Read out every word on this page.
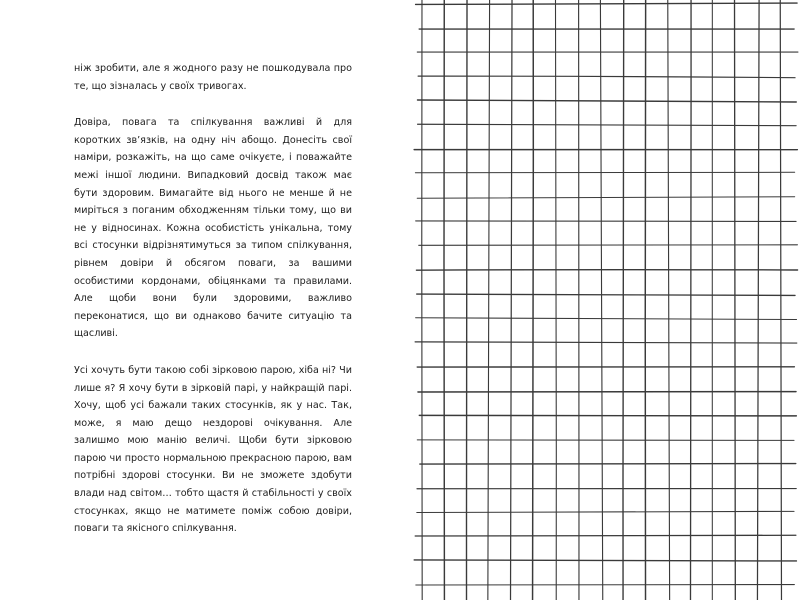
ніж зробити, але я жодного разу не пошкодувала про те, що зізналась у своїх тривогах.

Довіра, повага та спілкування важливі й для коротких зв’язків, на одну ніч абощо. Донесіть свої наміри, розкажіть, на що саме очікуєте, і поважайте межі іншої людини. Випадковий досвід також має бути здоровим. Вимагайте від нього не менше й не миріться з поганим обходженням тільки тому, що ви не у відносинах. Кожна особистість унікальна, тому всі стосунки відрізнятимуться за типом спілкування, рівнем довіри й обсягом поваги, за вашими особистими кордонами, обіцянками та правилами. Але щоби вони були здоровими, важливо переконатися, що ви однаково бачите ситуацію та щасливі.

Усі хочуть бути такою собі зірковою парою, хіба ні? Чи лише я? Я хочу бути в зірковій парі, у найкращій парі. Хочу, щоб усі бажали таких стосунків, як у нас. Так, може, я маю дещо нездорові очікування. Але залишмо мою манію величі. Щоби бути зірковою парою чи просто нормальною прекрасною парою, вам потрібні здорові стосунки. Ви не зможете здобути влади над світом… тобто щастя й стабільності у своїх стосунках, якщо не матимете поміж собою довіри, поваги та якісного спілкування.
